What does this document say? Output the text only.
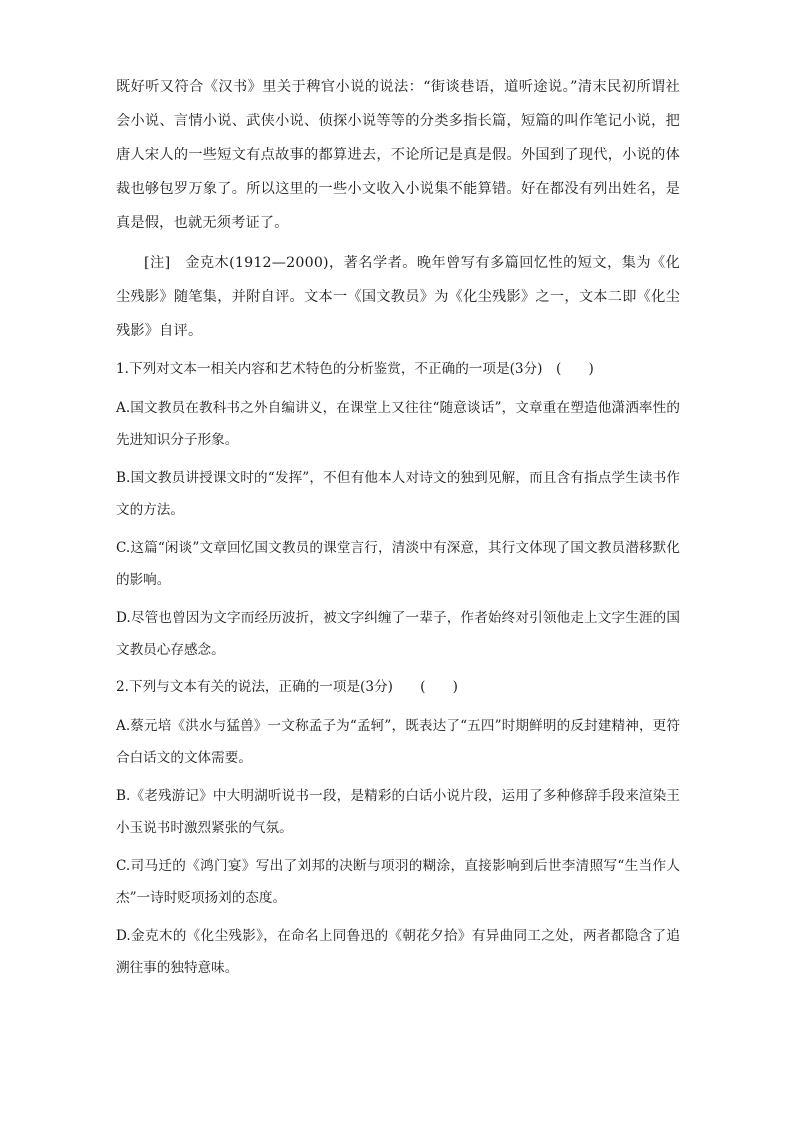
既好听又符合《汉书》里关于稗官小说的说法：“街谈巷语，道听途说。”清末民初所谓社会小说、言情小说、武侠小说、侦探小说等等的分类多指长篇，短篇的叫作笔记小说，把唐人宋人的一些短文有点故事的都算进去，不论所记是真是假。外国到了现代，小说的体裁也够包罗万象了。所以这里的一些小文收入小说集不能算错。好在都没有列出姓名，是真是假，也就无须考证了。

[注]　金克木(1912—2000)，著名学者。晚年曾写有多篇回忆性的短文，集为《化尘残影》随笔集，并附自评。文本一《国文教员》为《化尘残影》之一，文本二即《化尘残影》自评。

1.下列对文本一相关内容和艺术特色的分析鉴赏，不正确的一项是(3分)　(　　)

A.国文教员在教科书之外自编讲义，在课堂上又往往“随意谈话”，文章重在塑造他潇洒率性的先进知识分子形象。

B.国文教员讲授课文时的“发挥”，不但有他本人对诗文的独到见解，而且含有指点学生读书作文的方法。

C.这篇“闲谈”文章回忆国文教员的课堂言行，清淡中有深意，其行文体现了国文教员潜移默化的影响。

D.尽管也曾因为文字而经历波折，被文字纠缠了一辈子，作者始终对引领他走上文字生涯的国文教员心存感念。

2.下列与文本有关的说法，正确的一项是(3分)　　(　　)

A.蔡元培《洪水与猛兽》一文称孟子为“孟轲”，既表达了“五四”时期鲜明的反封建精神，更符合白话文的文体需要。

B.《老残游记》中大明湖听说书一段，是精彩的白话小说片段，运用了多种修辞手段来渲染王小玉说书时激烈紧张的气氛。

C.司马迁的《鸿门宴》写出了刘邦的决断与项羽的糊涂，直接影响到后世李清照写“生当作人杰”一诗时贬项扬刘的态度。

D.金克木的《化尘残影》，在命名上同鲁迅的《朝花夕拾》有异曲同工之处，两者都隐含了追溯往事的独特意味。
